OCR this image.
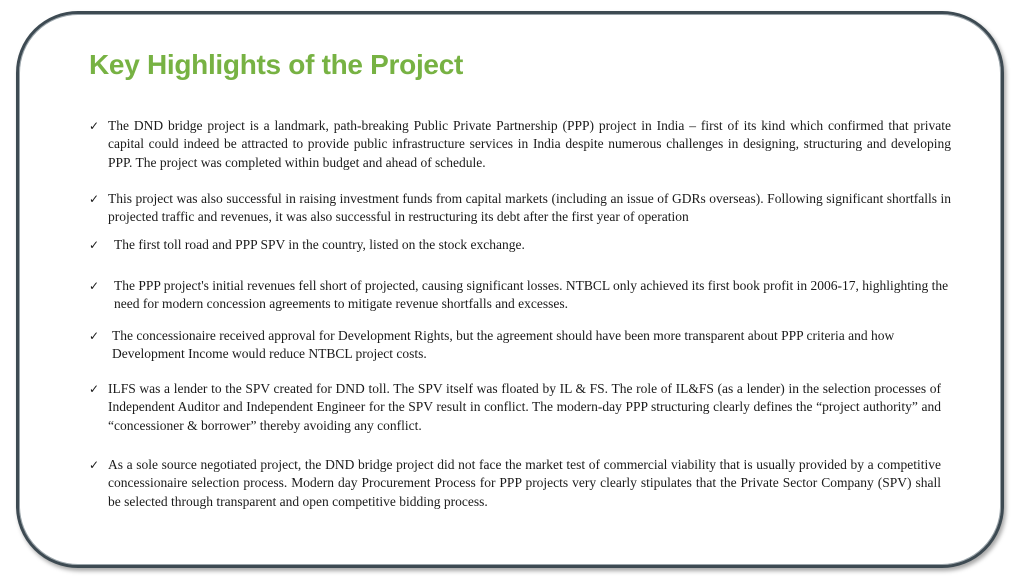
Key Highlights of the Project
✓ The DND bridge project is a landmark, path-breaking Public Private Partnership (PPP) project in India – first of its kind which confirmed that private capital could indeed be attracted to provide public infrastructure services in India despite numerous challenges in designing, structuring and developing PPP. The project was completed within budget and ahead of schedule.
✓ This project was also successful in raising investment funds from capital markets (including an issue of GDRs overseas). Following significant shortfalls in projected traffic and revenues, it was also successful in restructuring its debt after the first year of operation
✓ The first toll road and PPP SPV in the country, listed on the stock exchange.
✓ The PPP project's initial revenues fell short of projected, causing significant losses. NTBCL only achieved its first book profit in 2006-17, highlighting the need for modern concession agreements to mitigate revenue shortfalls and excesses.
✓ The concessionaire received approval for Development Rights, but the agreement should have been more transparent about PPP criteria and how Development Income would reduce NTBCL project costs.
✓ ILFS was a lender to the SPV created for DND toll. The SPV itself was floated by IL & FS. The role of IL&FS (as a lender) in the selection processes of Independent Auditor and Independent Engineer for the SPV result in conflict. The modern-day PPP structuring clearly defines the “project authority” and “concessioner & borrower” thereby avoiding any conflict.
✓ As a sole source negotiated project, the DND bridge project did not face the market test of commercial viability that is usually provided by a competitive concessionaire selection process. Modern day Procurement Process for PPP projects very clearly stipulates that the Private Sector Company (SPV) shall be selected through transparent and open competitive bidding process.
